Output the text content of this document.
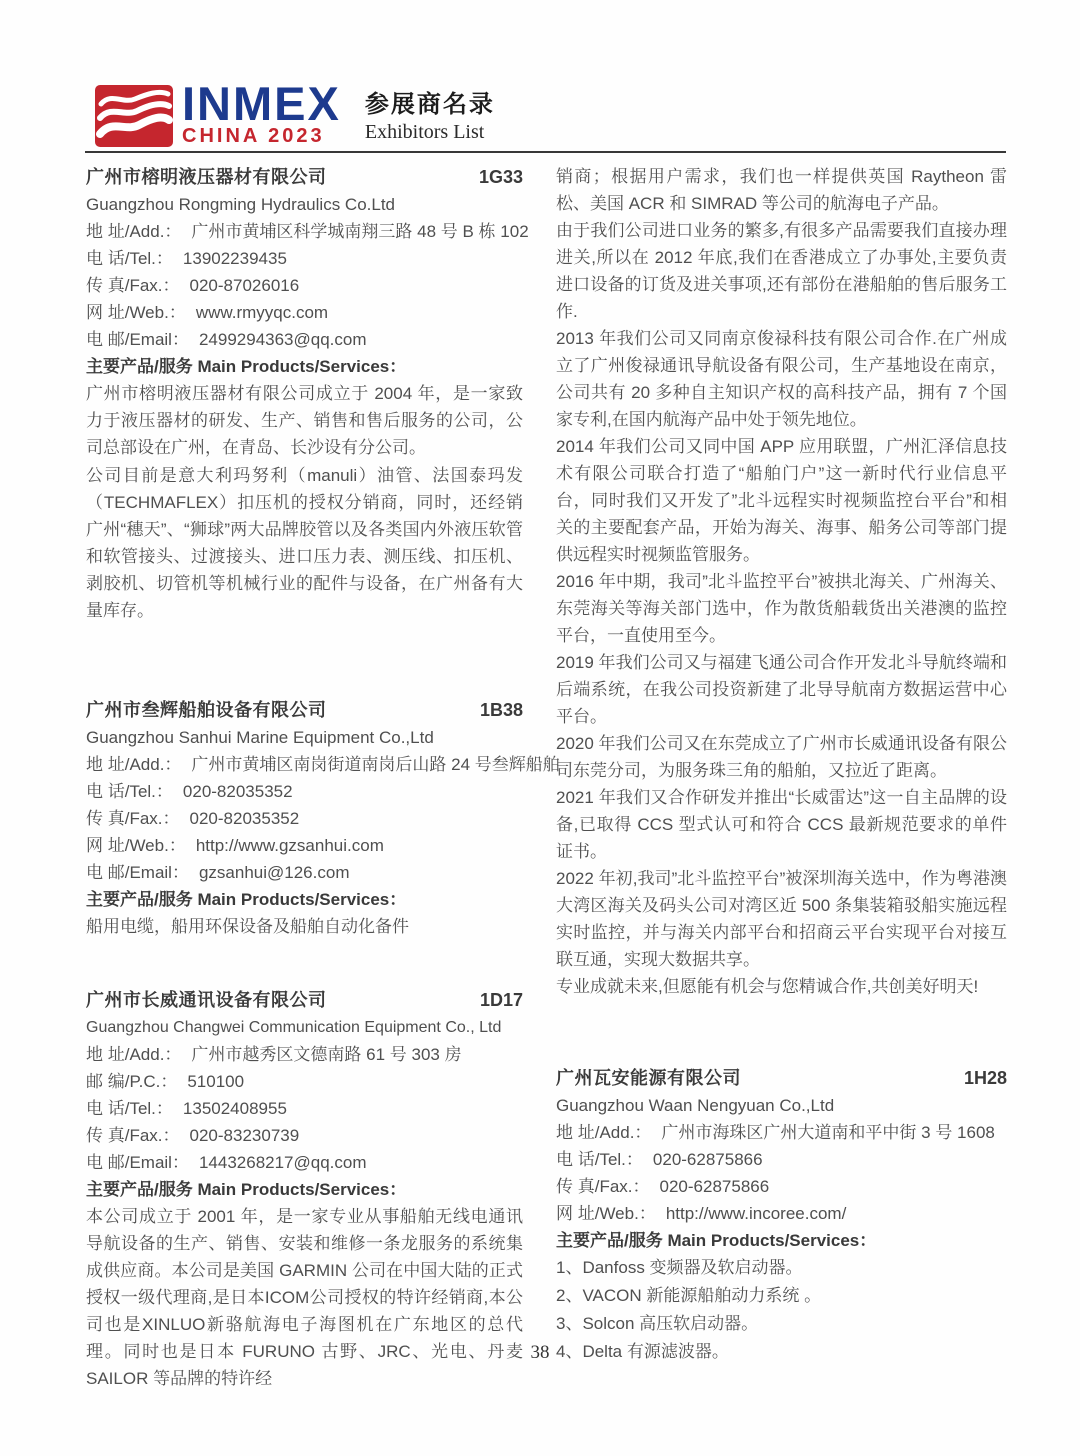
INMEX
CHINA 2023
参展商名录
Exhibitors List
广州市榕明液压器材有限公司	1G33
Guangzhou Rongming Hydraulics Co.Ltd
地 址/Add.： 广州市黄埔区科学城南翔三路 48 号 B 栋 102
电 话/Tel.： 13902239435
传 真/Fax.： 020-87026016
网 址/Web.： www.rmyyqc.com
电 邮/Email： 2499294363@qq.com
主要产品/服务 Main Products/Services：

广州市榕明液压器材有限公司成立于 2004 年，是一家致力于液压器材的研发、生产、销售和售后服务的公司，公司总部设在广州，在青岛、长沙设有分公司。

公司目前是意大利玛努利（manuli）油管、法国泰玛发（TECHMAFLEX）扣压机的授权分销商，同时，还经销广州“穗天”、“狮球”两大品牌胶管以及各类国内外液压软管和软管接头、过渡接头、进口压力表、测压线、扣压机、剥胶机、切管机等机械行业的配件与设备，在广州备有大量库存。

广州市叁辉船舶设备有限公司	1B38
Guangzhou Sanhui Marine Equipment Co.,Ltd
地 址/Add.： 广州市黄埔区南岗街道南岗后山路 24 号叁辉船舶
电 话/Tel.： 020-82035352
传 真/Fax.： 020-82035352
网 址/Web.： http://www.gzsanhui.com
电 邮/Email： gzsanhui@126.com
主要产品/服务 Main Products/Services：

船用电缆，船用环保设备及船舶自动化备件

广州市长威通讯设备有限公司	1D17
Guangzhou Changwei Communication Equipment Co., Ltd
地 址/Add.： 广州市越秀区文德南路 61 号 303 房
邮 编/P.C.： 510100
电 话/Tel.： 13502408955
传 真/Fax.： 020-83230739
电 邮/Email： 1443268217@qq.com
主要产品/服务 Main Products/Services：

本公司成立于 2001 年，是一家专业从事船舶无线电通讯导航设备的生产、销售、安装和维修一条龙服务的系统集成供应商。本公司是美国 GARMIN 公司在中国大陆的正式授权一级代理商,是日本ICOM公司授权的特许经销商,本公司也是XINLUO新骆航海电子海图机在广东地区的总代理。同时也是日本 FURUNO 古野、JRC、光电、丹麦 SAILOR 等品牌的特许经

销商；根据用户需求，我们也一样提供英国 Raytheon 雷松、美国 ACR 和 SIMRAD 等公司的航海电子产品。

由于我们公司进口业务的繁多,有很多产品需要我们直接办理进关,所以在 2012 年底,我们在香港成立了办事处,主要负责进口设备的订货及进关事项,还有部份在港船舶的售后服务工作.

2013 年我们公司又同南京俊禄科技有限公司合作.在广州成立了广州俊禄通讯导航设备有限公司，生产基地设在南京，公司共有 20 多种自主知识产权的高科技产品，拥有 7 个国家专利,在国内航海产品中处于领先地位。

2014 年我们公司又同中国 APP 应用联盟，广州汇泽信息技术有限公司联合打造了“船舶门户”这一新时代行业信息平台，同时我们又开发了”北斗远程实时视频监控台平台”和相关的主要配套产品，开始为海关、海事、船务公司等部门提供远程实时视频监管服务。

2016 年中期，我司”北斗监控平台”被拱北海关、广州海关、东莞海关等海关部门选中，作为散货船载货出关港澳的监控平台，一直使用至今。

2019 年我们公司又与福建飞通公司合作开发北斗导航终端和后端系统，在我公司投资新建了北导导航南方数据运营中心平台。

2020 年我们公司又在东莞成立了广州市长威通讯设备有限公司东莞分司，为服务珠三角的船舶，又拉近了距离。

2021 年我们又合作研发并推出“长威雷达”这一自主品牌的设备,已取得 CCS 型式认可和符合 CCS 最新规范要求的单件证书。

2022 年初,我司”北斗监控平台”被深圳海关选中，作为粤港澳大湾区海关及码头公司对湾区近 500 条集装箱驳船实施远程实时监控，并与海关内部平台和招商云平台实现平台对接互联互通，实现大数据共享。

专业成就未来,但愿能有机会与您精诚合作,共创美好明天!

广州瓦安能源有限公司	1H28
Guangzhou Waan Nengyuan Co.,Ltd
地 址/Add.： 广州市海珠区广州大道南和平中街 3 号 1608
电 话/Tel.： 020-62875866
传 真/Fax.： 020-62875866
网 址/Web.： http://www.incoree.com/
主要产品/服务 Main Products/Services：

1、Danfoss 变频器及软启动器。

2、VACON 新能源船舶动力系统 。

3、Solcon 高压软启动器。

4、Delta 有源滤波器。

38
